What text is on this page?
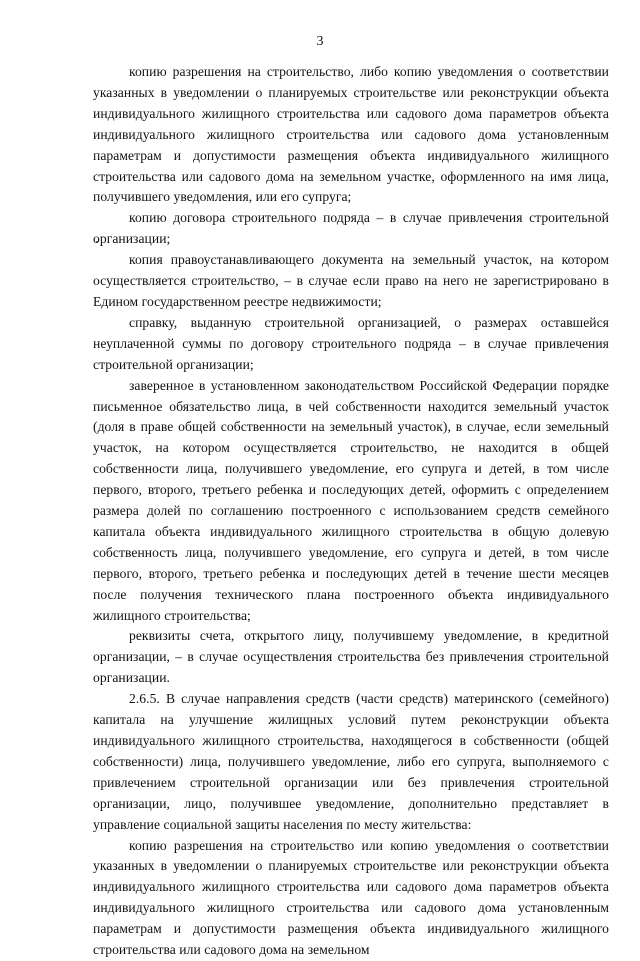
3

копию разрешения на строительство, либо копию уведомления о соответствии указанных в уведомлении о планируемых строительстве или реконструкции объекта индивидуального жилищного строительства или садового дома параметров объекта индивидуального жилищного строительства или садового дома установленным параметрам и допустимости размещения объекта индивидуального жилищного строительства или садового дома на земельном участке, оформленного на имя лица, получившего уведомления, или его супруга;

копию договора строительного подряда – в случае привлечения строительной организации;

копия правоустанавливающего документа на земельный участок, на котором осуществляется строительство, – в случае если право на него не зарегистрировано в Едином государственном реестре недвижимости;

справку, выданную строительной организацией, о размерах оставшейся неуплаченной суммы по договору строительного подряда – в случае привлечения строительной организации;

заверенное в установленном законодательством Российской Федерации порядке письменное обязательство лица, в чей собственности находится земельный участок (доля в праве общей собственности на земельный участок), в случае, если земельный участок, на котором осуществляется строительство, не находится в общей собственности лица, получившего уведомление, его супруга и детей, в том числе первого, второго, третьего ребенка и последующих детей, оформить с определением размера долей по соглашению построенного с использованием средств семейного капитала объекта индивидуального жилищного строительства в общую долевую собственность лица, получившего уведомление, его супруга и детей, в том числе первого, второго, третьего ребенка и последующих детей в течение шести месяцев после получения технического плана построенного объекта индивидуального жилищного строительства;

реквизиты счета, открытого лицу, получившему уведомление, в кредитной организации, – в случае осуществления строительства без привлечения строительной организации.

2.6.5. В случае направления средств (части средств) материнского (семейного) капитала на улучшение жилищных условий путем реконструкции объекта индивидуального жилищного строительства, находящегося в собственности (общей собственности) лица, получившего уведомление, либо его супруга, выполняемого с привлечением строительной организации или без привлечения строительной организации, лицо, получившее уведомление, дополнительно представляет в управление социальной защиты населения по месту жительства:

копию разрешения на строительство или копию уведомления о соответствии указанных в уведомлении о планируемых строительстве или реконструкции объекта индивидуального жилищного строительства или садового дома параметров объекта индивидуального жилищного строительства или садового дома установленным параметрам и допустимости размещения объекта индивидуального жилищного строительства или садового дома на земельном
